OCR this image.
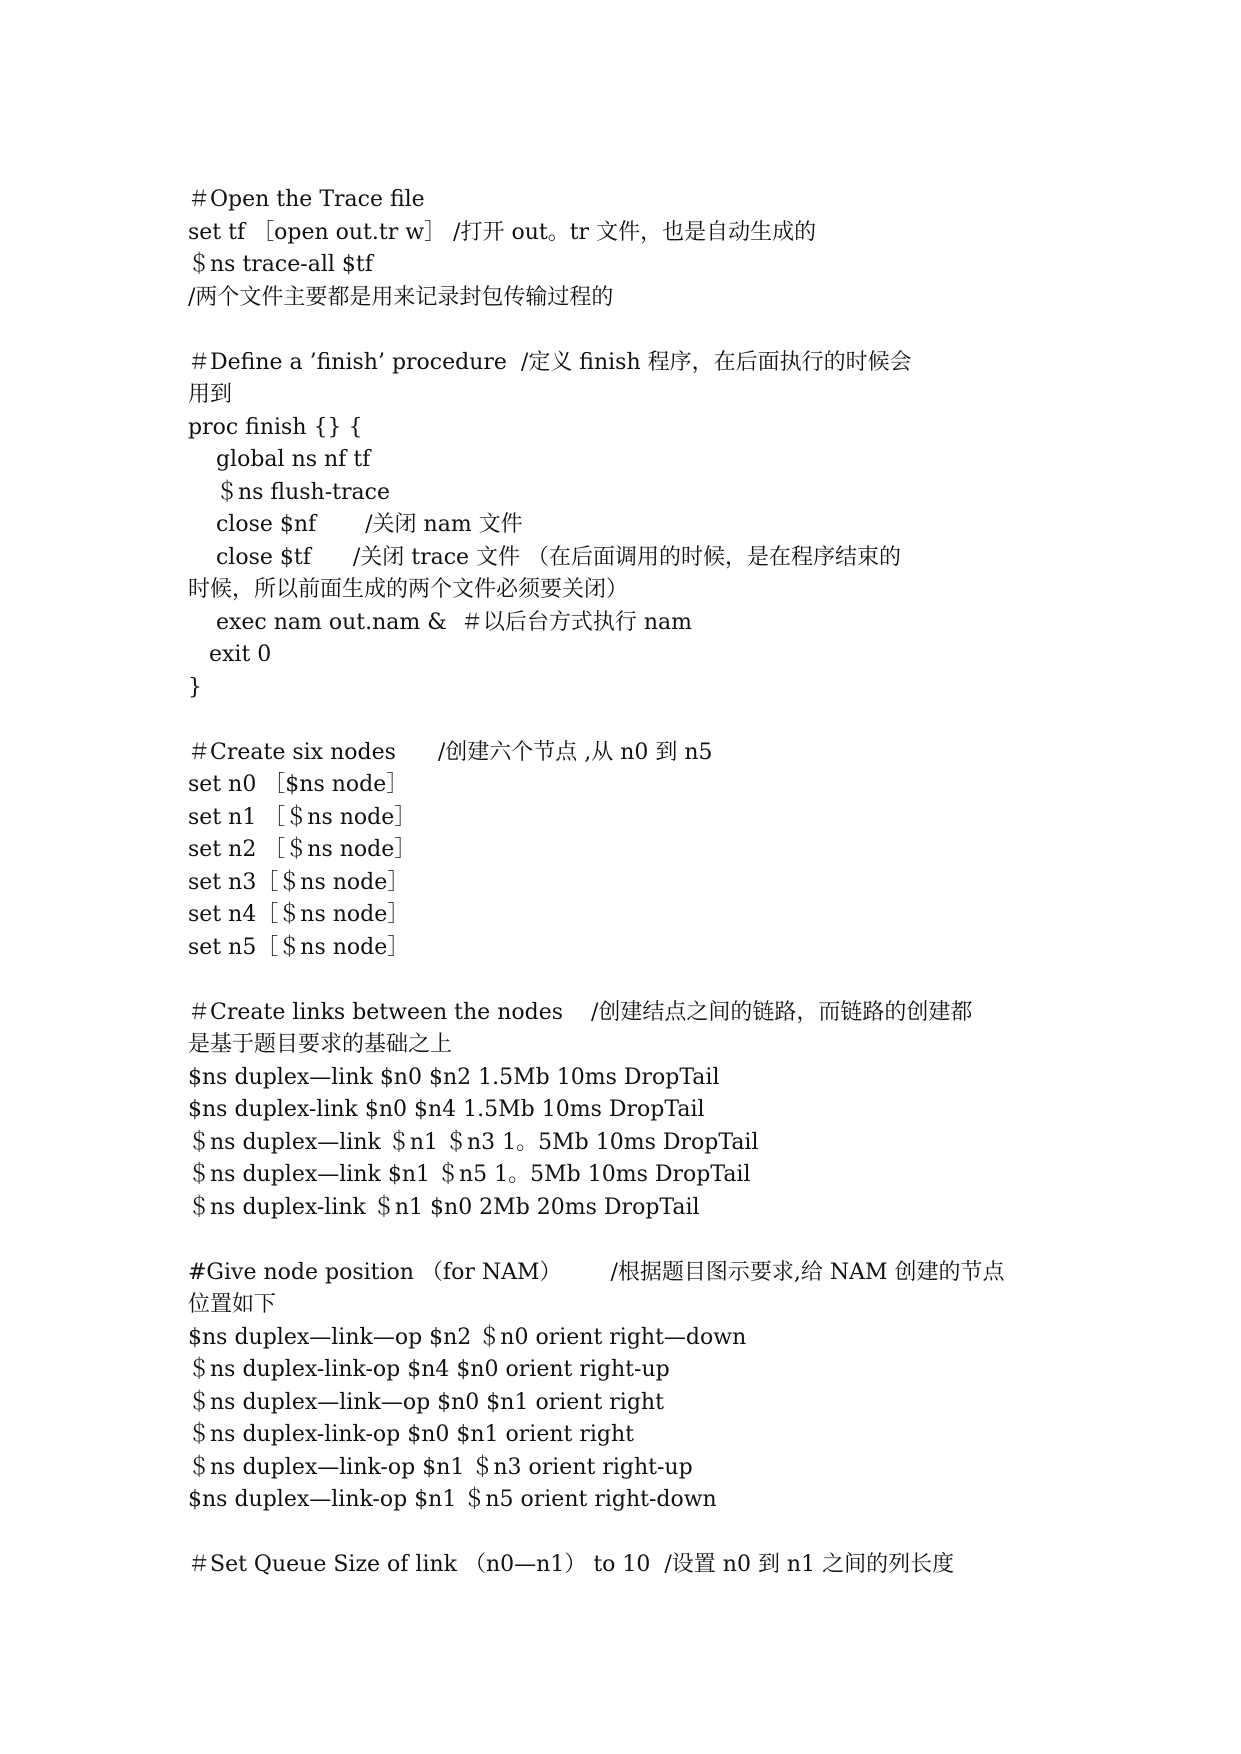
＃Open the Trace file
set tf ［open out.tr w］ /打开 out。tr 文件，也是自动生成的
＄ns trace-all $tf
/两个文件主要都是用来记录封包传输过程的
＃Define a ’finish’ procedure  /定义 finish 程序，在后面执行的时候会
用到
proc finish {} {
global ns nf tf
＄ns flush-trace
close $nf       /关闭 nam 文件
close $tf      /关闭 trace 文件 （在后面调用的时候，是在程序结束的
时候，所以前面生成的两个文件必须要关闭）
exec nam out.nam &  ＃以后台方式执行 nam
exit 0
}
＃Create six nodes      /创建六个节点 ,从 n0 到 n5
set n0 ［$ns node］
set n1 ［＄ns node］
set n2 ［＄ns node］
set n3［＄ns node］
set n4［＄ns node］
set n5［＄ns node］
＃Create links between the nodes    /创建结点之间的链路，而链路的创建都
是基于题目要求的基础之上
$ns duplex—link $n0 $n2 1.5Mb 10ms DropTail
$ns duplex-link $n0 $n4 1.5Mb 10ms DropTail
＄ns duplex—link ＄n1 ＄n3 1。5Mb 10ms DropTail
＄ns duplex—link $n1 ＄n5 1。5Mb 10ms DropTail
＄ns duplex-link ＄n1 $n0 2Mb 20ms DropTail
#Give node position （for NAM）       /根据题目图示要求,给 NAM 创建的节点
位置如下
$ns duplex—link—op $n2 ＄n0 orient right—down
＄ns duplex-link-op $n4 $n0 orient right-up
＄ns duplex—link—op $n0 $n1 orient right
＄ns duplex-link-op $n0 $n1 orient right
＄ns duplex—link-op $n1 ＄n3 orient right-up
$ns duplex—link-op $n1 ＄n5 orient right-down
＃Set Queue Size of link （n0—n1） to 10  /设置 n0 到 n1 之间的列长度
